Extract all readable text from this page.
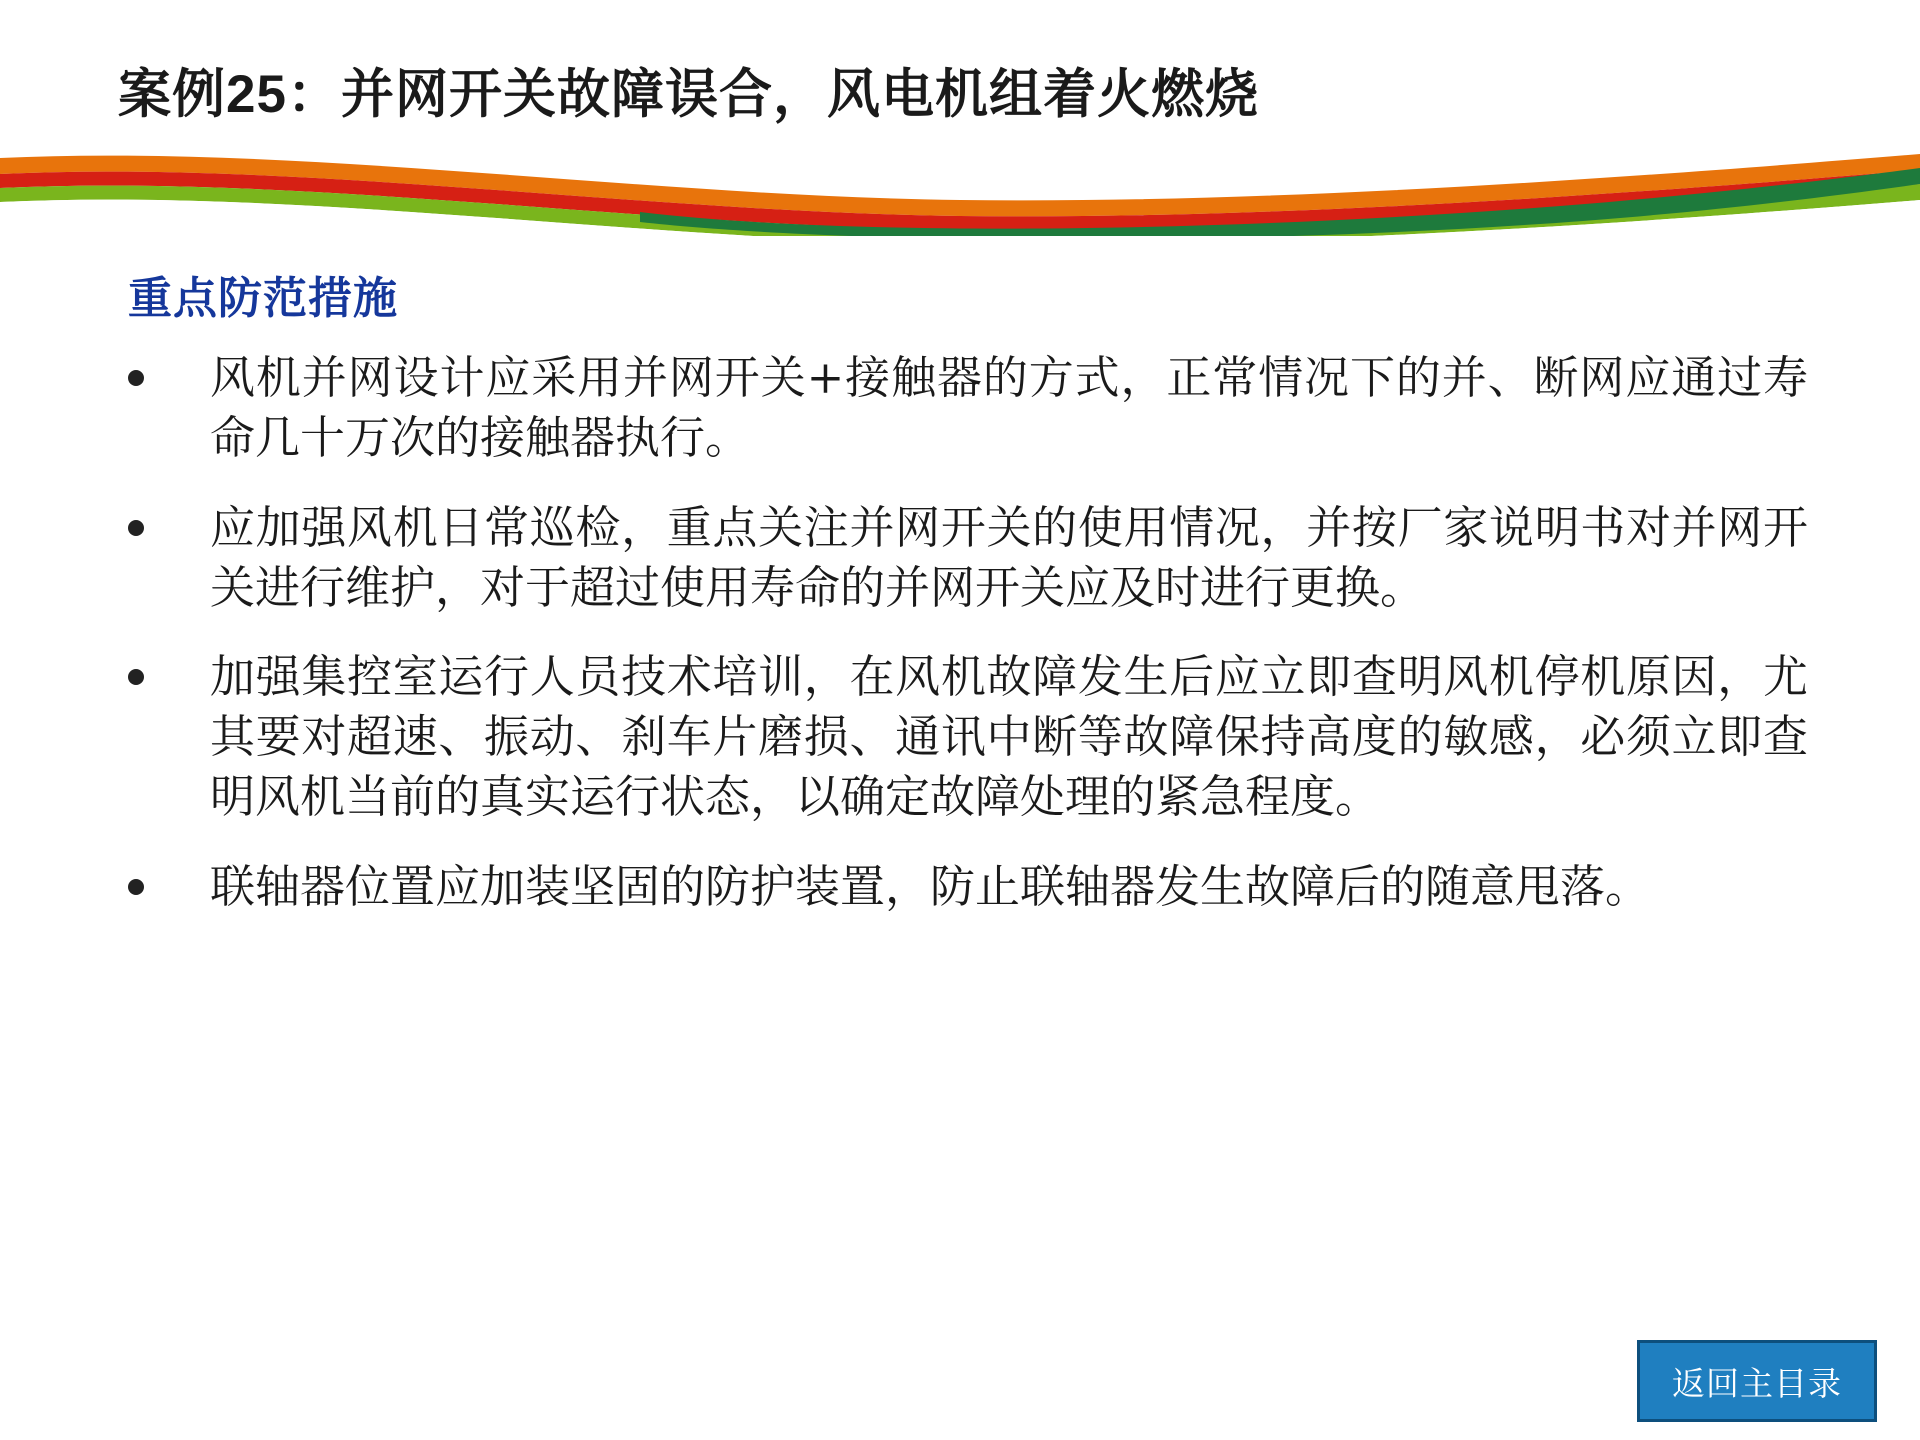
案例25：并网开关故障误合，风电机组着火燃烧
重点防范措施
风机并网设计应采用并网开关+接触器的方式，正常情况下的并、断网应通过寿命几十万次的接触器执行。
应加强风机日常巡检，重点关注并网开关的使用情况，并按厂家说明书对并网开关进行维护，对于超过使用寿命的并网开关应及时进行更换。
加强集控室运行人员技术培训，在风机故障发生后应立即查明风机停机原因，尤其要对超速、振动、刹车片磨损、通讯中断等故障保持高度的敏感，必须立即查明风机当前的真实运行状态，以确定故障处理的紧急程度。
联轴器位置应加装坚固的防护装置，防止联轴器发生故障后的随意甩落。
返回主目录
